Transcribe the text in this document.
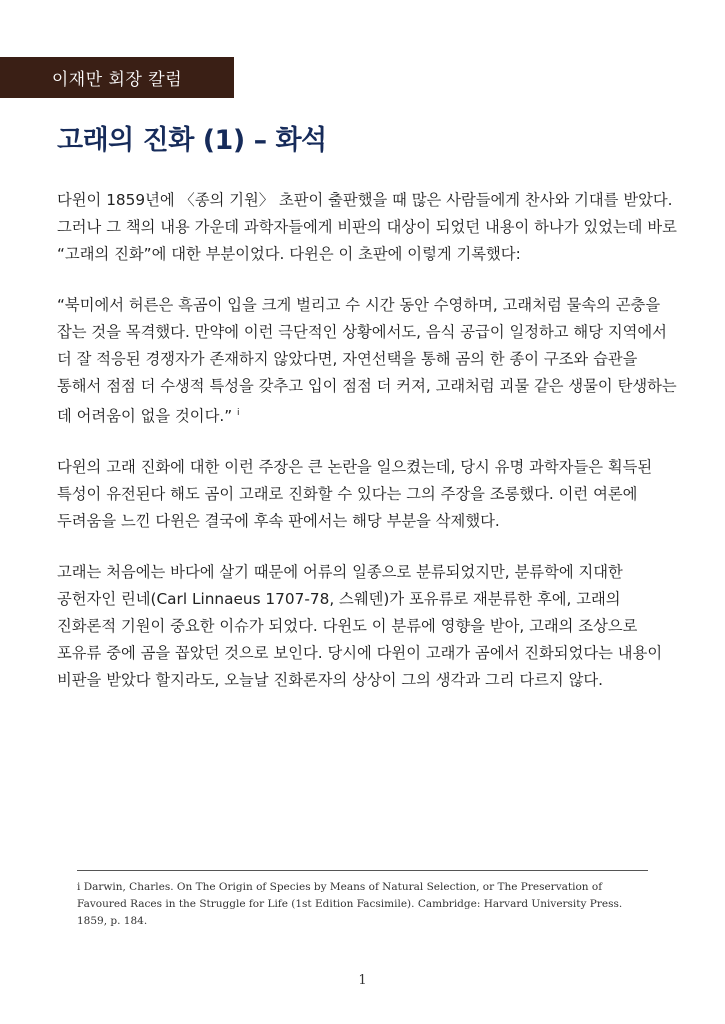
이재만 회장 칼럼
고래의 진화 (1) – 화석

다윈이 1859년에 〈종의 기원〉 초판이 출판했을 때 많은 사람들에게 찬사와 기대를 받았다. 그러나 그 책의 내용 가운데 과학자들에게 비판의 대상이 되었던 내용이 하나가 있었는데 바로 “고래의 진화”에 대한 부분이었다. 다윈은 이 초판에 이렇게 기록했다:

“북미에서 허른은 흑곰이 입을 크게 벌리고 수 시간 동안 수영하며, 고래처럼 물속의 곤충을 잡는 것을 목격했다. 만약에 이런 극단적인 상황에서도, 음식 공급이 일정하고 해당 지역에서 더 잘 적응된 경쟁자가 존재하지 않았다면, 자연선택을 통해 곰의 한 종이 구조와 습관을 통해서 점점 더 수생적 특성을 갖추고 입이 점점 더 커져, 고래처럼 괴물 같은 생물이 탄생하는 데 어려움이 없을 것이다.” $^i$

다윈의 고래 진화에 대한 이런 주장은 큰 논란을 일으켰는데, 당시 유명 과학자들은 획득된 특성이 유전된다 해도 곰이 고래로 진화할 수 있다는 그의 주장을 조롱했다. 이런 여론에 두려움을 느낀 다윈은 결국에 후속 판에서는 해당 부분을 삭제했다.

고래는 처음에는 바다에 살기 때문에 어류의 일종으로 분류되었지만, 분류학에 지대한 공헌자인 린네(Carl Linnaeus 1707-78, 스웨덴)가 포유류로 재분류한 후에, 고래의 진화론적 기원이 중요한 이슈가 되었다. 다윈도 이 분류에 영향을 받아, 고래의 조상으로 포유류 중에 곰을 꼽았던 것으로 보인다. 당시에 다윈이 고래가 곰에서 진화되었다는 내용이 비판을 받았다 할지라도, 오늘날 진화론자의 상상이 그의 생각과 그리 다르지 않다.

i Darwin, Charles. On The Origin of Species by Means of Natural Selection, or The Preservation of Favoured Races in the Struggle for Life (1st Edition Facsimile). Cambridge: Harvard University Press. 1859, p. 184.

1
